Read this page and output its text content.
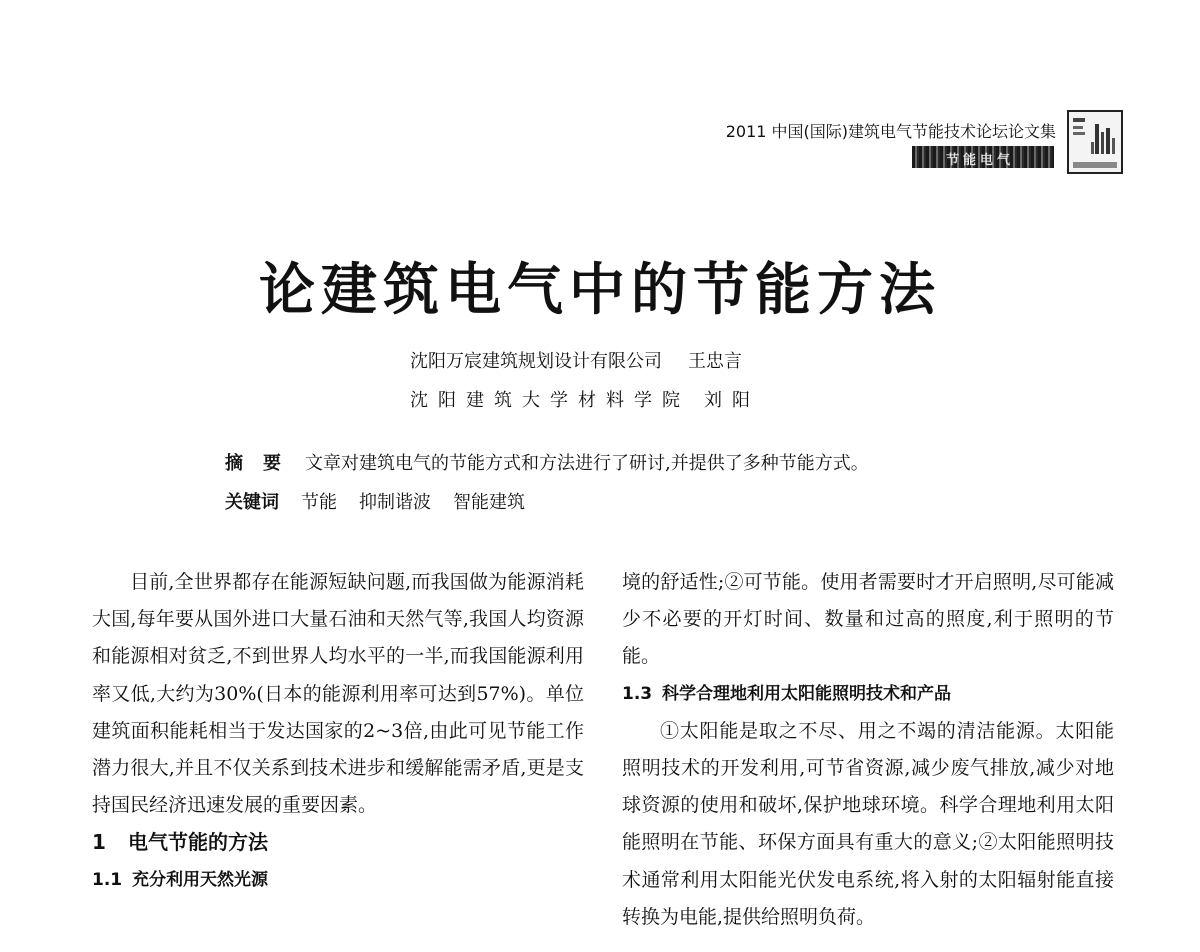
2011 中国(国际)建筑电气节能技术论坛论文集
节能电气
论建筑电气中的节能方法
沈阳万宸建筑规划设计有限公司 王忠言
沈阳建筑大学材料学院 刘阳
摘要 文章对建筑电气的节能方式和方法进行了研讨,并提供了多种节能方式。
关键词 节能 抑制谐波 智能建筑

目前,全世界都存在能源短缺问题,而我国做为能源消耗大国,每年要从国外进口大量石油和天然气等,我国人均资源和能源相对贫乏,不到世界人均水平的一半,而我国能源利用率又低,大约为30%(日本的能源利用率可达到57%)。单位建筑面积能耗相当于发达国家的2~3倍,由此可见节能工作潜力很大,并且不仅关系到技术进步和缓解能需矛盾,更是支持国民经济迅速发展的重要因素。

1 电气节能的方法

1.1 充分利用天然光源

境的舒适性;②可节能。使用者需要时才开启照明,尽可能减少不必要的开灯时间、数量和过高的照度,利于照明的节能。

1.3 科学合理地利用太阳能照明技术和产品

①太阳能是取之不尽、用之不竭的清洁能源。太阳能照明技术的开发利用,可节省资源,减少废气排放,减少对地球资源的使用和破坏,保护地球环境。科学合理地利用太阳能照明在节能、环保方面具有重大的意义;②太阳能照明技术通常利用太阳能光伏发电系统,将入射的太阳辐射能直接转换为电能,提供给照明负荷。
